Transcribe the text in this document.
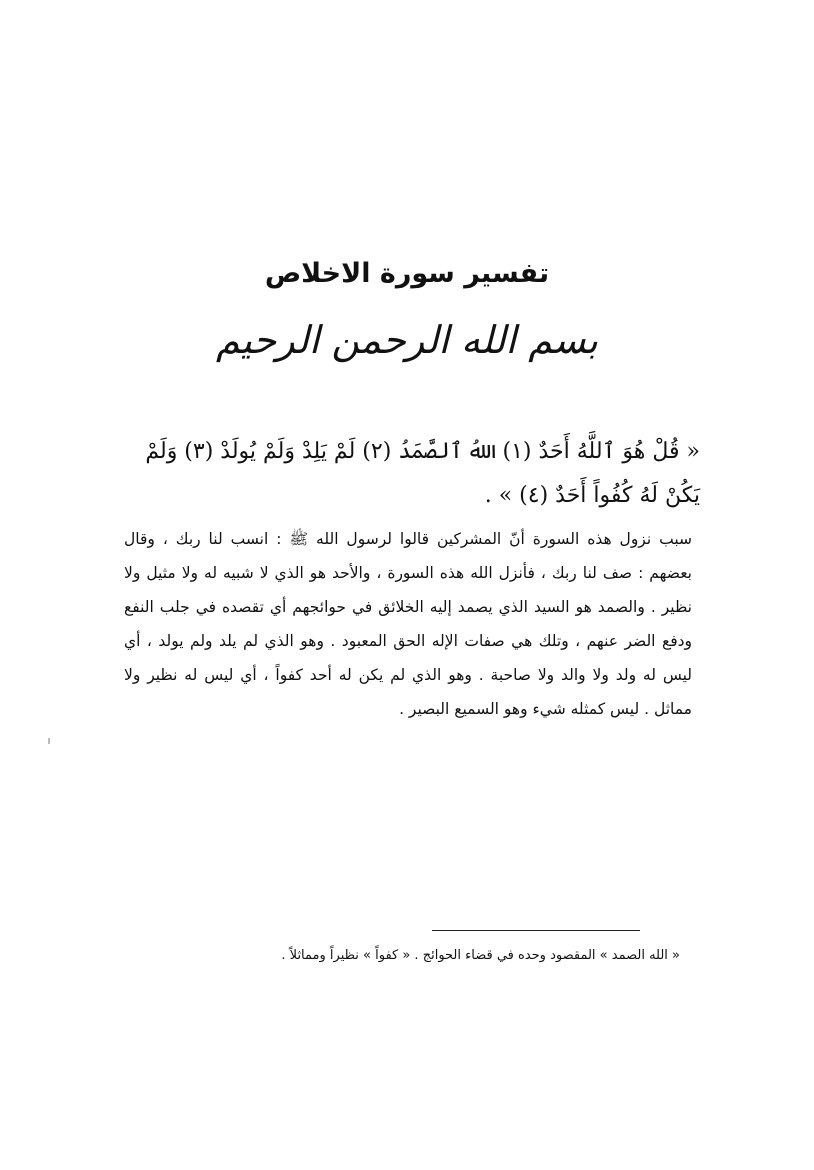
تفسير سورة الاخلاص
بسم الله الرحمن الرحيم
« قُلْ هُوَ ٱللَّهُ أَحَدٌ (١) اللهُ ٱلصَّمَدُ (٢) لَمْ يَلِدْ وَلَمْ يُولَدْ (٣) وَلَمْ يَكُنْ لَهُ كُفُواً أَحَدٌ (٤) » .

سبب نزول هذه السورة أنّ المشركين قالوا لرسول الله ﷺ : انسب لنا ربك ، وقال بعضهم : صف لنا ربك ، فأنزل الله هذه السورة ، والأحد هو الذي لا شبيه له ولا مثيل ولا نظير . والصمد هو السيد الذي يصمد إليه الخلائق في حوائجهم أي تقصده في جلب النفع ودفع الضر عنهم ، وتلك هي صفات الإله الحق المعبود . وهو الذي لم يلد ولم يولد ، أي ليس له ولد ولا والد ولا صاحبة . وهو الذي لم يكن له أحد كفواً ، أي ليس له نظير ولا مماثل . ليس كمثله شيء وهو السميع البصير .

« الله الصمد » المقصود وحده في قضاء الحوائج . « كفواً » نظيراً ومماثلاً .
